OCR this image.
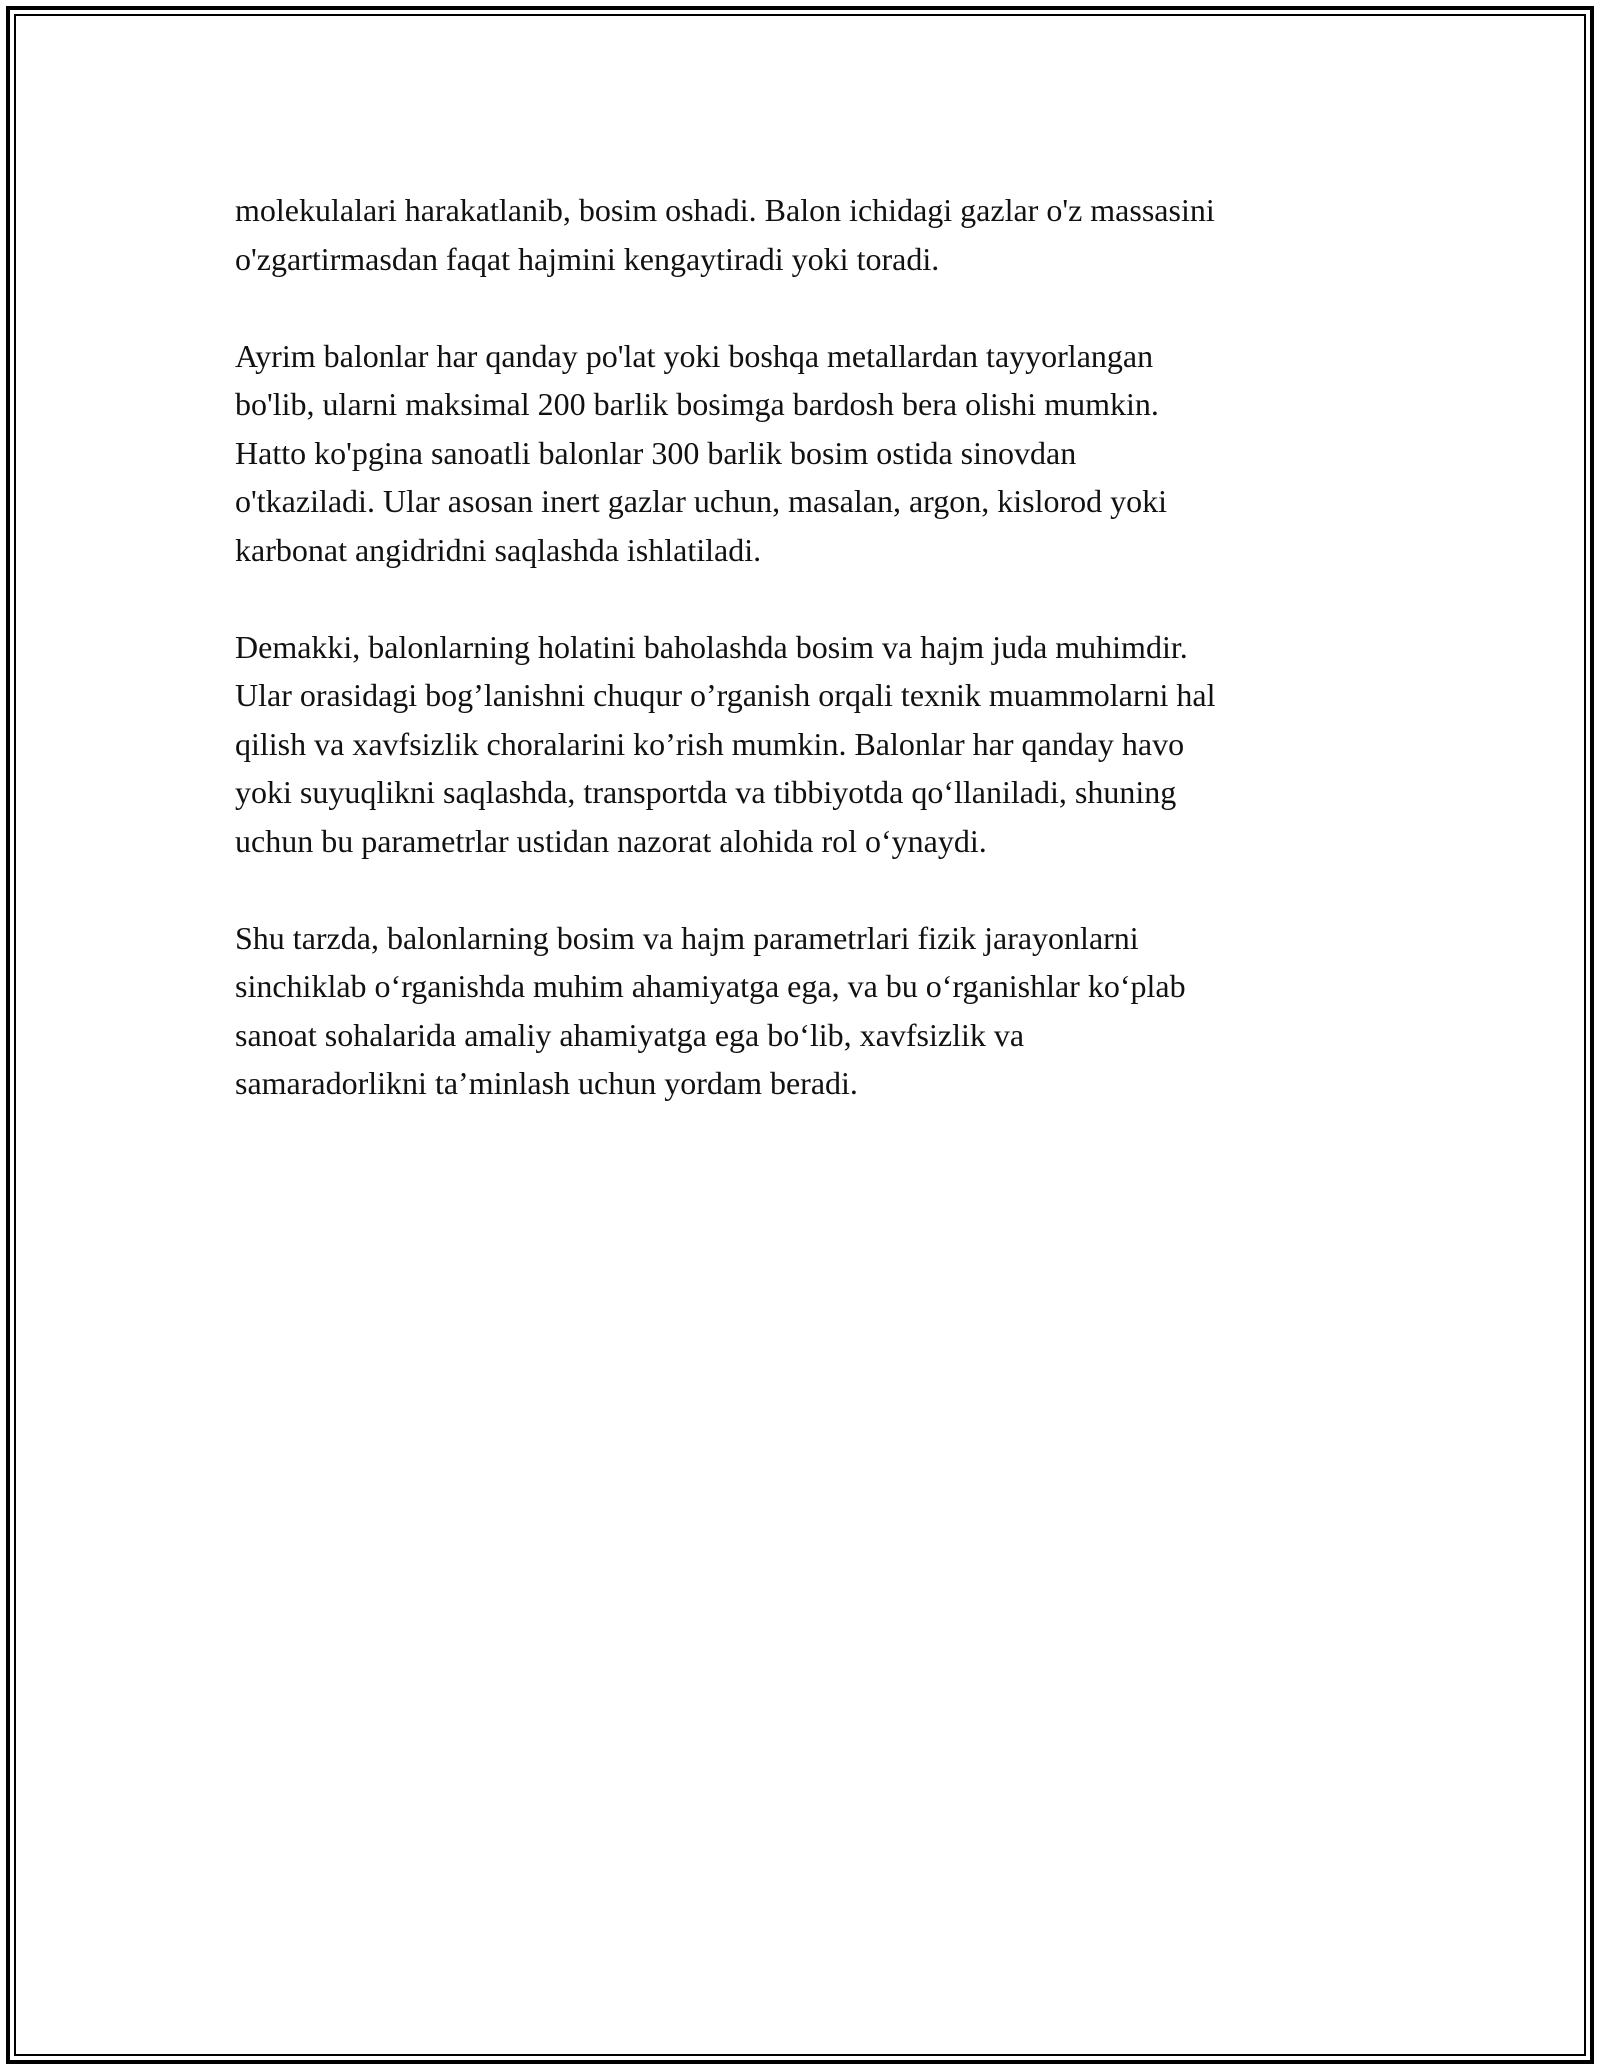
molekulalari harakatlanib, bosim oshadi. Balon ichidagi gazlar o'z massasini
o'zgartirmasdan faqat hajmini kengaytiradi yoki toradi.

Ayrim balonlar har qanday po'lat yoki boshqa metallardan tayyorlangan
bo'lib, ularni maksimal 200 barlik bosimga bardosh bera olishi mumkin.
Hatto ko'pgina sanoatli balonlar 300 barlik bosim ostida sinovdan
o'tkaziladi. Ular asosan inert gazlar uchun, masalan, argon, kislorod yoki
karbonat angidridni saqlashda ishlatiladi.

Demakki, balonlarning holatini baholashda bosim va hajm juda muhimdir.
Ular orasidagi bog’lanishni chuqur o’rganish orqali texnik muammolarni hal
qilish va xavfsizlik choralarini ko’rish mumkin. Balonlar har qanday havo
yoki suyuqlikni saqlashda, transportda va tibbiyotda qo‘llaniladi, shuning
uchun bu parametrlar ustidan nazorat alohida rol o‘ynaydi.

Shu tarzda, balonlarning bosim va hajm parametrlari fizik jarayonlarni
sinchiklab o‘rganishda muhim ahamiyatga ega, va bu o‘rganishlar ko‘plab
sanoat sohalarida amaliy ahamiyatga ega bo‘lib, xavfsizlik va
samaradorlikni ta’minlash uchun yordam beradi.
